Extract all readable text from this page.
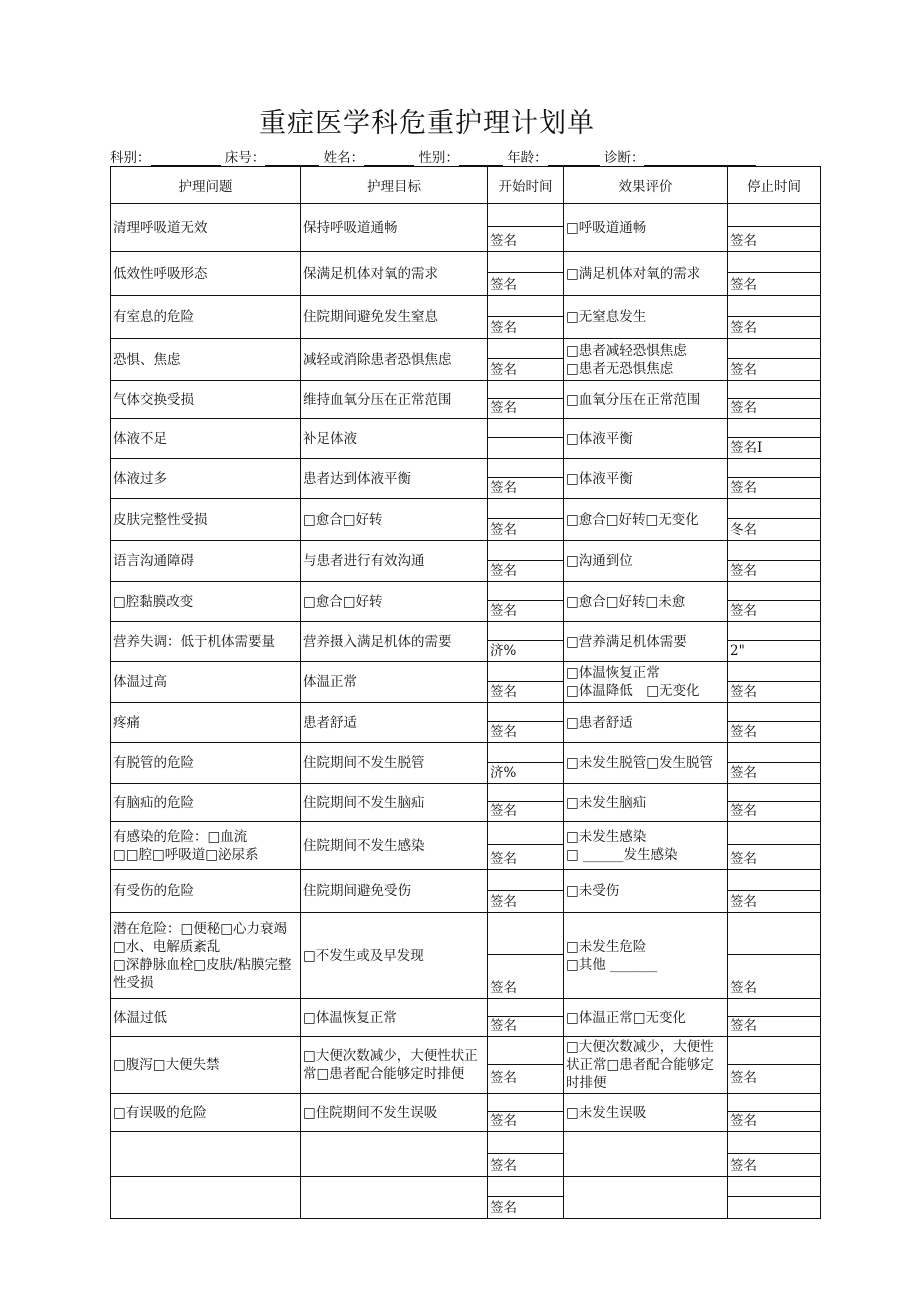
重症医学科危重护理计划单
科别：	床号：	姓名：	性别：	年龄：	诊断：
护理问题	护理目标	开始时间	效果评价	停止时间

清理呼吸道无效	保持呼吸道通畅	签名	□呼吸道通畅	签名

低效性呼吸形态	保满足机体对氧的需求	签名	□满足机体对氧的需求	签名

有室息的危险	住院期间避免发生窒息	签名	□无窒息发生	签名

恐惧、焦虑	减轻或消除患者恐惧焦虑	签名	□患者减轻恐惧焦虑
□患者无恐惧焦虑	签名

气体交换受损	维持血氧分压在正常范围	签名	□血氧分压在正常范围	签名

体液不足	补足体液		□体液平衡	签名I

体液过多	患者达到体液平衡	签名	□体液平衡	签名

皮肤完整性受损	□愈合□好转	签名	□愈合□好转□无变化	冬名

语言沟通障碍	与患者进行有效沟通	签名	□沟通到位	签名

□腔黏膜改变	□愈合□好转	签名	□愈合□好转□未愈	签名

营养失调：低于机体需要量	营养摄入满足机体的需要	济%	□营养满足机体需要	2"

体温过高	体温正常	签名	□体温恢复正常
□体温降低　□无变化	签名

疼痛	患者舒适	签名	□患者舒适	签名

有脱管的危险	住院期间不发生脱管	济%	□未发生脱管□发生脱管	签名

有脑疝的危险	住院期间不发生脑疝	签名	□未发生脑疝	签名

有感染的危险：□血流
□□腔□呼吸道□泌尿系	住院期间不发生感染	签名	□未发生感染
□ ______发生感染	签名

有受伤的危险	住院期间避免受伤	签名	□未受伤	签名

潜在危险：□便秘□心力衰竭
□水、电解质紊乱
□深静脉血栓□皮肤/粘膜完整性受损	□不发生或及早发现	签名	□未发生危险
□其他 _______	签名

体温过低	□体温恢复正常	签名	□体温正常□无变化	签名

□腹泻□大便失禁	□大便次数减少，大便性状正常□患者配合能够定时排便	签名	□大便次数减少，大便性状正常□患者配合能够定时排便	签名

□有误吸的危险	□住院期间不发生误吸	签名	□未发生误吸	签名

		签名		签名

		签名		
